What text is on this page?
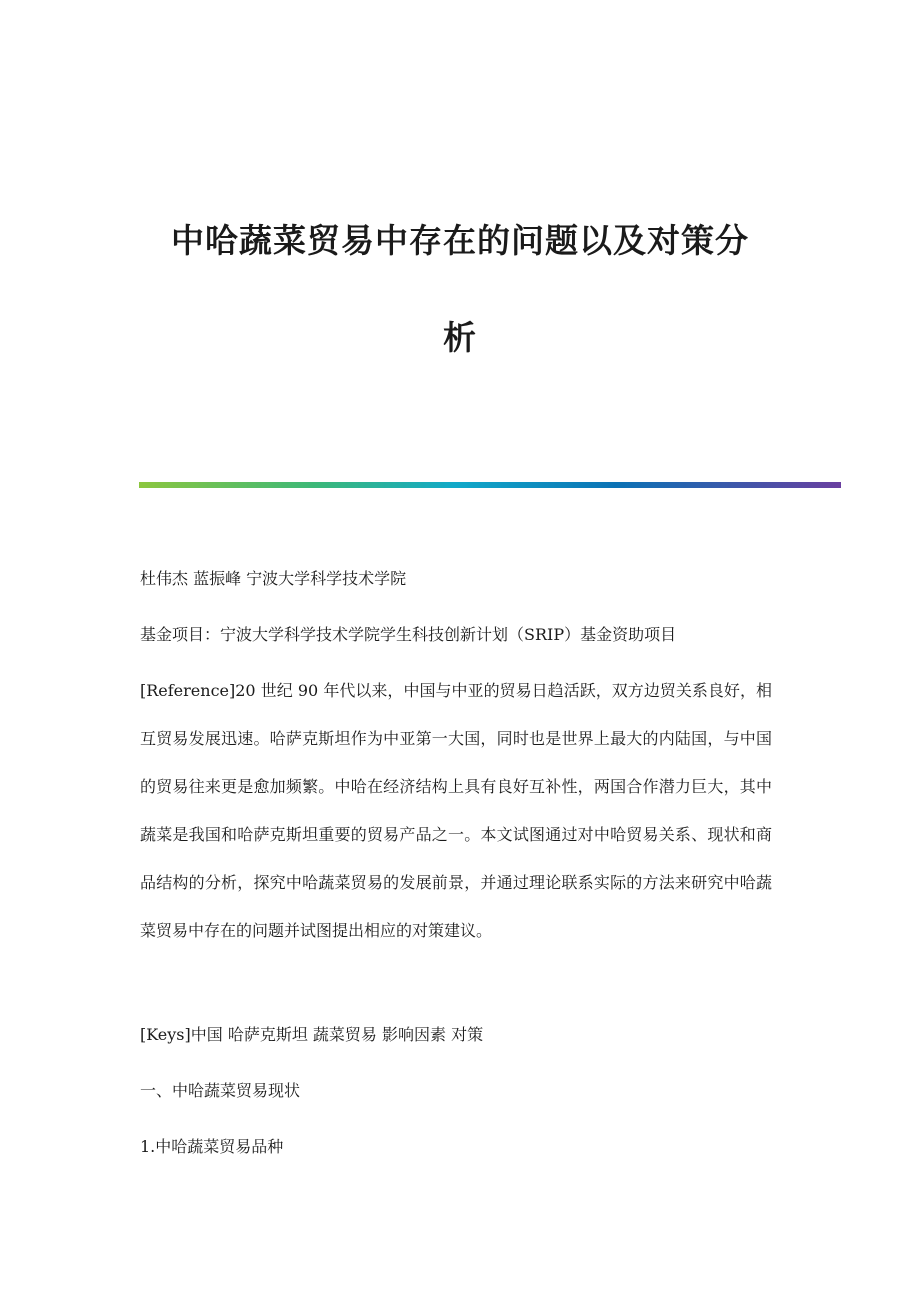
中哈蔬菜贸易中存在的问题以及对策分
析
杜伟杰 蓝振峰 宁波大学科学技术学院
基金项目：宁波大学科学技术学院学生科技创新计划（SRIP）基金资助项目
[Reference]20 世纪 90 年代以来，中国与中亚的贸易日趋活跃，双方边贸关系良好，相互贸易发展迅速。哈萨克斯坦作为中亚第一大国，同时也是世界上最大的内陆国，与中国的贸易往来更是愈加频繁。中哈在经济结构上具有良好互补性，两国合作潜力巨大，其中蔬菜是我国和哈萨克斯坦重要的贸易产品之一。本文试图通过对中哈贸易关系、现状和商品结构的分析，探究中哈蔬菜贸易的发展前景，并通过理论联系实际的方法来研究中哈蔬菜贸易中存在的问题并试图提出相应的对策建议。
[Keys]中国 哈萨克斯坦 蔬菜贸易 影响因素 对策
一、中哈蔬菜贸易现状
1.中哈蔬菜贸易品种
